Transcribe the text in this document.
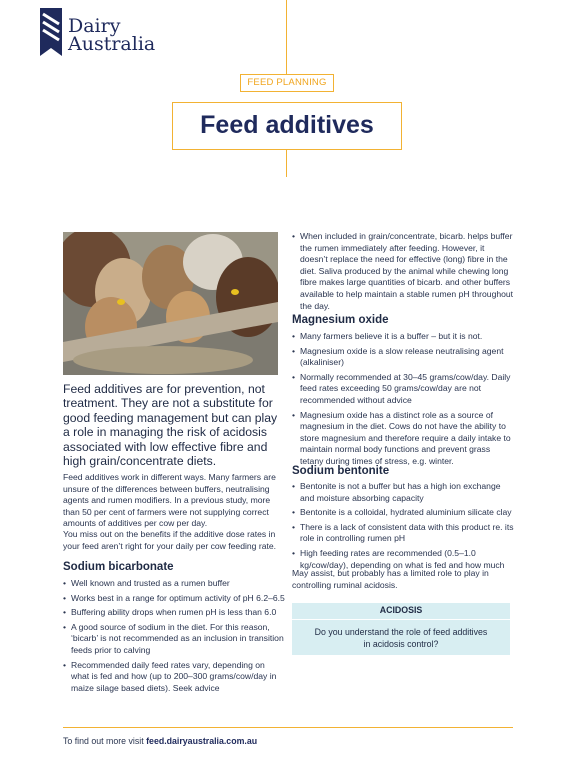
Dairy
Australia
FEED PLANNING
Feed additives
Feed additives are for prevention, not treatment. They are not a substitute for good feeding management but can play a role in managing the risk of acidosis associated with low effective fibre and high grain/concentrate diets.
Feed additives work in different ways. Many farmers are unsure of the differences between buffers, neutralising agents and rumen modifiers. In a previous study, more than 50 per cent of farmers were not supplying correct amounts of additives per cow per day.
You miss out on the benefits if the additive dose rates in your feed aren’t right for your daily per cow feeding rate.
Sodium bicarbonate
• Well known and trusted as a rumen buffer
• Works best in a range for optimum activity of pH 6.2–6.5
• Buffering ability drops when rumen pH is less than 6.0
• A good source of sodium in the diet. For this reason, ‘bicarb’ is not recommended as an inclusion in transition feeds prior to calving
• Recommended daily feed rates vary, depending on what is fed and how (up to 200–300 grams/cow/day in maize silage based diets). Seek advice
• When included in grain/concentrate, bicarb. helps buffer the rumen immediately after feeding. However, it doesn’t replace the need for effective (long) fibre in the diet. Saliva produced by the animal while chewing long fibre makes large quantities of bicarb. and other buffers available to help maintain a stable rumen pH throughout the day.
Magnesium oxide
• Many farmers believe it is a buffer – but it is not.
• Magnesium oxide is a slow release neutralising agent (alkaliniser)
• Normally recommended at 30–45 grams/cow/day. Daily feed rates exceeding 50 grams/cow/day are not recommended without advice
• Magnesium oxide has a distinct role as a source of magnesium in the diet. Cows do not have the ability to store magnesium and therefore require a daily intake to maintain normal body functions and prevent grass tetany during times of stress, e.g. winter.
Sodium bentonite
• Bentonite is not a buffer but has a high ion exchange and moisture absorbing capacity
• Bentonite is a colloidal, hydrated aluminium silicate clay
• There is a lack of consistent data with this product re. its role in controlling rumen pH
• High feeding rates are recommended (0.5–1.0 kg/cow/day), depending on what is fed and how much
May assist, but probably has a limited role to play in controlling ruminal acidosis.
ACIDOSIS
Do you understand the role of feed additives in acidosis control?
To find out more visit feed.dairyaustralia.com.au
